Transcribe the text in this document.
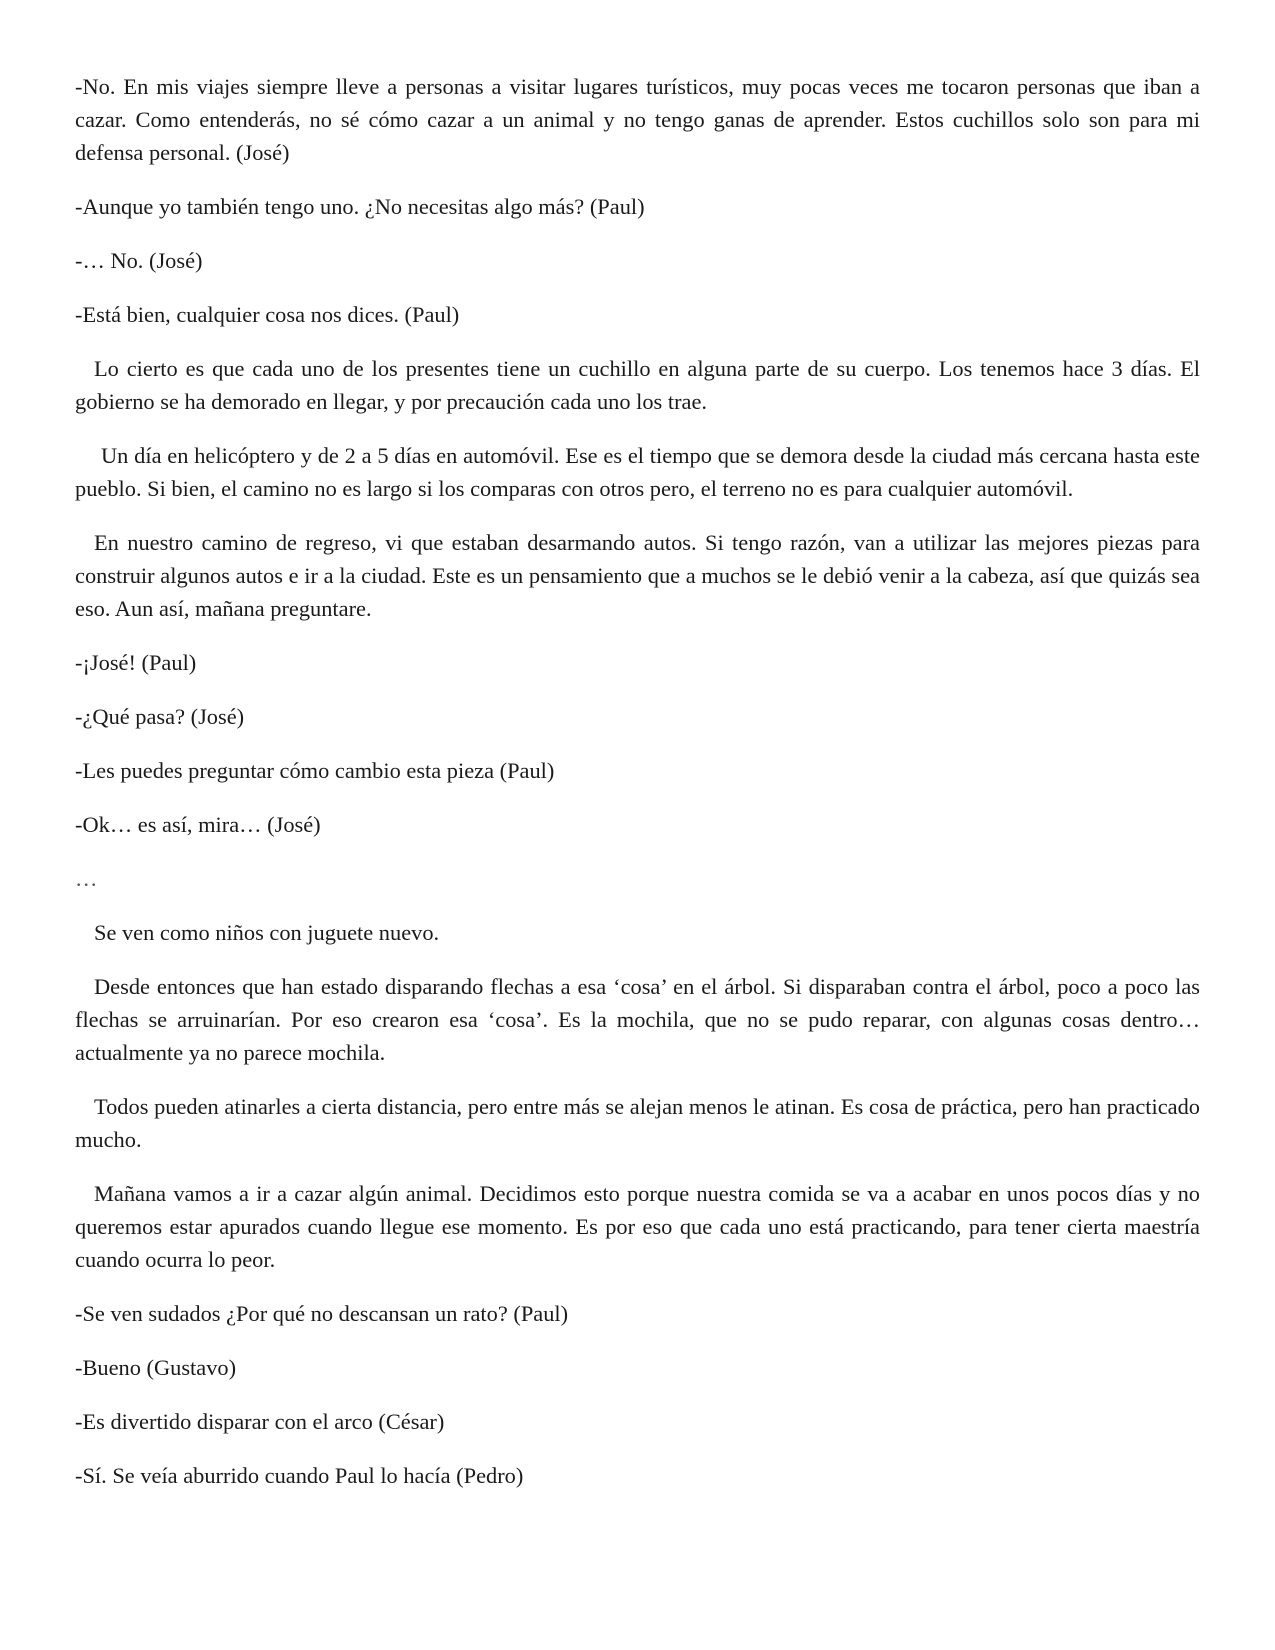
-No. En mis viajes siempre lleve a personas a visitar lugares turísticos, muy pocas veces me tocaron personas que iban a cazar. Como entenderás, no sé cómo cazar a un animal y no tengo ganas de aprender. Estos cuchillos solo son para mi defensa personal. (José)

-Aunque yo también tengo uno. ¿No necesitas algo más? (Paul)

-… No. (José)

-Está bien, cualquier cosa nos dices. (Paul)

Lo cierto es que cada uno de los presentes tiene un cuchillo en alguna parte de su cuerpo. Los tenemos hace 3 días. El gobierno se ha demorado en llegar, y por precaución cada uno los trae.

Un día en helicóptero y de 2 a 5 días en automóvil. Ese es el tiempo que se demora desde la ciudad más cercana hasta este pueblo. Si bien, el camino no es largo si los comparas con otros pero, el terreno no es para cualquier automóvil.

En nuestro camino de regreso, vi que estaban desarmando autos. Si tengo razón, van a utilizar las mejores piezas para construir algunos autos e ir a la ciudad. Este es un pensamiento que a muchos se le debió venir a la cabeza, así que quizás sea eso. Aun así, mañana preguntare.

-¡José! (Paul)

-¿Qué pasa? (José)

-Les puedes preguntar cómo cambio esta pieza (Paul)

-Ok… es así, mira… (José)

…

Se ven como niños con juguete nuevo.

Desde entonces que han estado disparando flechas a esa ‘cosa’ en el árbol. Si disparaban contra el árbol, poco a poco las flechas se arruinarían. Por eso crearon esa ‘cosa’. Es la mochila, que no se pudo reparar, con algunas cosas dentro… actualmente ya no parece mochila.

Todos pueden atinarles a cierta distancia, pero entre más se alejan menos le atinan. Es cosa de práctica, pero han practicado mucho.

Mañana vamos a ir a cazar algún animal. Decidimos esto porque nuestra comida se va a acabar en unos pocos días y no queremos estar apurados cuando llegue ese momento. Es por eso que cada uno está practicando, para tener cierta maestría cuando ocurra lo peor.

-Se ven sudados ¿Por qué no descansan un rato? (Paul)

-Bueno (Gustavo)

-Es divertido disparar con el arco (César)

-Sí. Se veía aburrido cuando Paul lo hacía (Pedro)
